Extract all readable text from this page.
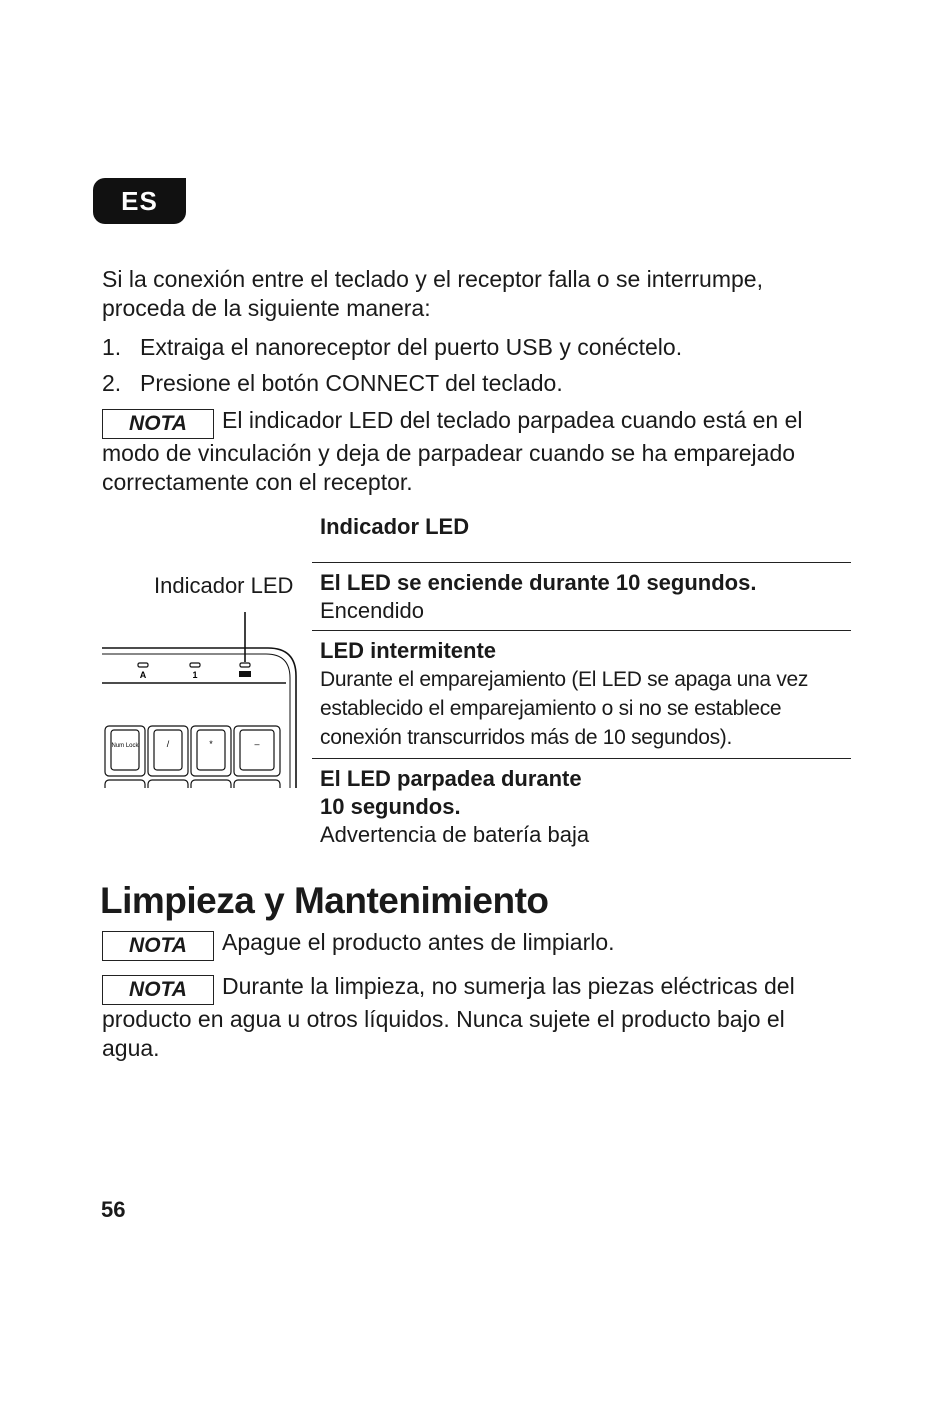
ES
Si la conexión entre el teclado y el receptor falla o se interrumpe,
proceda de la siguiente manera:
1. Extraiga el nanoreceptor del puerto USB y conéctelo.
2. Presione el botón CONNECT del teclado.
NOTA El indicador LED del teclado parpadea cuando está en el
modo de vinculación y deja de parpadear cuando se ha emparejado
correctamente con el receptor.
Indicador LED
Indicador LED
A	1
Num Lock	/	*	–
El LED se enciende durante 10 segundos.
Encendido
LED intermitente
Durante el emparejamiento (El LED se apaga una vez
establecido el emparejamiento o si no se establece
conexión transcurridos más de 10 segundos).
El LED parpadea durante
10 segundos.
Advertencia de batería baja
Limpieza y Mantenimiento
NOTA Apague el producto antes de limpiarlo.
NOTA Durante la limpieza, no sumerja las piezas eléctricas del
producto en agua u otros líquidos. Nunca sujete el producto bajo el
agua.
56
